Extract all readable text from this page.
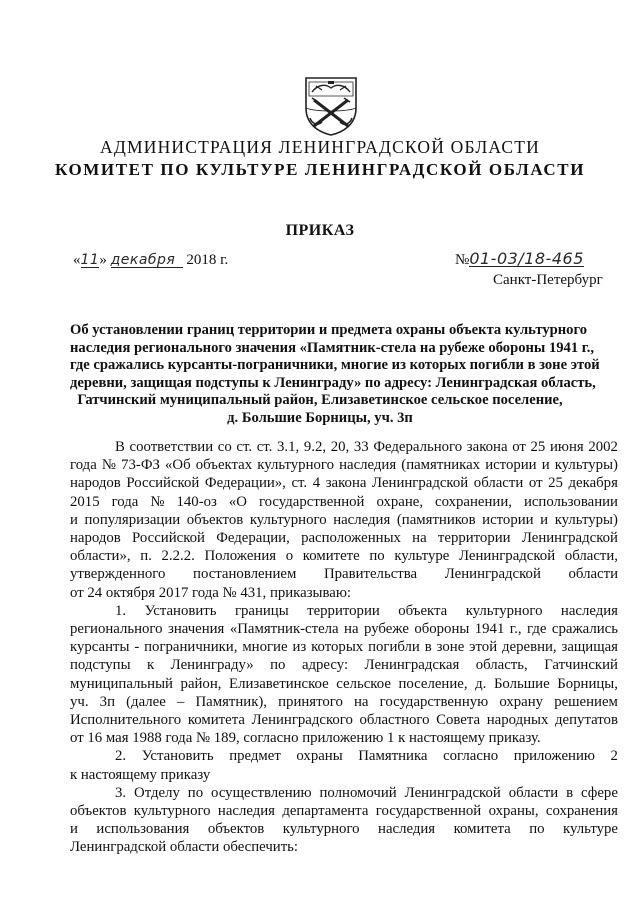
АДМИНИСТРАЦИЯ ЛЕНИНГРАДСКОЙ ОБЛАСТИ
КОМИТЕТ ПО КУЛЬТУРЕ ЛЕНИНГРАДСКОЙ ОБЛАСТИ
ПРИКАЗ
«11» декабря 2018 г.	№01-03/18-465
Санкт-Петербург
Об установлении границ территории и предмета охраны объекта культурного
наследия регионального значения «Памятник-стела на рубеже обороны 1941 г.,
где сражались курсанты-пограничники, многие из которых погибли в зоне этой
деревни, защищая подступы к Ленинграду» по адресу: Ленинградская область,
Гатчинский муниципальный район, Елизаветинское сельское поселение,
д. Большие Борницы, уч. 3п
В соответствии со ст. ст. 3.1, 9.2, 20, 33 Федерального закона от 25 июня 2002
года № 73-ФЗ «Об объектах культурного наследия (памятниках истории и культуры)
народов Российской Федерации», ст. 4 закона Ленинградской области от 25 декабря
2015 года № 140-оз «О государственной охране, сохранении, использовании
и популяризации объектов культурного наследия (памятников истории и культуры)
народов Российской Федерации, расположенных на территории Ленинградской
области», п. 2.2.2. Положения о комитете по культуре Ленинградской области,
утвержденного постановлением Правительства Ленинградской области
от 24 октября 2017 года № 431, приказываю:
1. Установить границы территории объекта культурного наследия
регионального значения «Памятник-стела на рубеже обороны 1941 г., где сражались
курсанты - пограничники, многие из которых погибли в зоне этой деревни, защищая
подступы к Ленинграду» по адресу: Ленинградская область, Гатчинский
муниципальный район, Елизаветинское сельское поселение, д. Большие Борницы,
уч. 3п (далее – Памятник), принятого на государственную охрану решением
Исполнительного комитета Ленинградского областного Совета народных депутатов
от 16 мая 1988 года № 189, согласно приложению 1 к настоящему приказу.
2. Установить предмет охраны Памятника согласно приложению 2
к настоящему приказу
3. Отделу по осуществлению полномочий Ленинградской области в сфере
объектов культурного наследия департамента государственной охраны, сохранения
и использования объектов культурного наследия комитета по культуре
Ленинградской области обеспечить:
